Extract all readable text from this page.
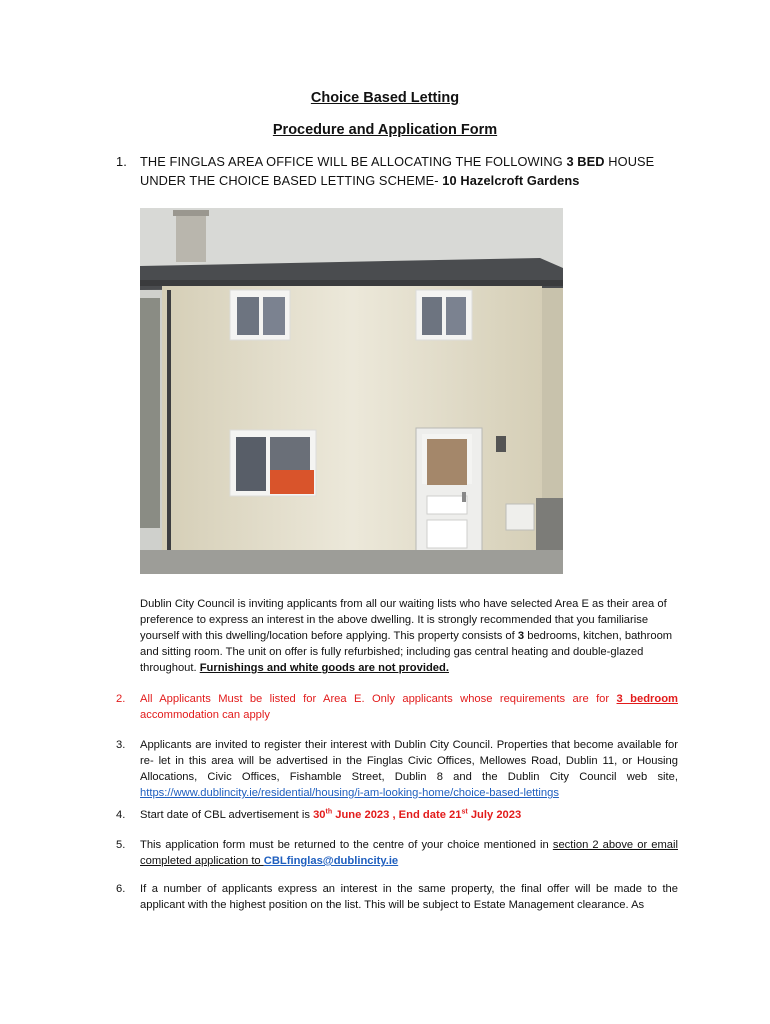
Choice Based Letting
Procedure and Application Form
1. THE FINGLAS AREA OFFICE WILL BE ALLOCATING THE FOLLOWING 3 BED HOUSE
UNDER THE CHOICE BASED LETTING SCHEME- 10 Hazelcroft Gardens
Dublin City Council is inviting applicants from all our waiting lists who have selected Area E as their area of preference to express an interest in the above dwelling. It is strongly recommended that you familiarise yourself with this dwelling/location before applying. This property consists of 3 bedrooms, kitchen, bathroom and sitting room. The unit on offer is fully refurbished; including gas central heating and double-glazed throughout. Furnishings and white goods are not provided.
2. All Applicants Must be listed for Area E. Only applicants whose requirements are for 3 bedroom accommodation can apply
3. Applicants are invited to register their interest with Dublin City Council. Properties that become available for re- let in this area will be advertised in the Finglas Civic Offices, Mellowes Road, Dublin 11, or Housing Allocations, Civic Offices, Fishamble Street, Dublin 8 and the Dublin City Council web site, https://www.dublincity.ie/residential/housing/i-am-looking-home/choice-based-lettings
4. Start date of CBL advertisement is 30th June 2023 , End date 21st July 2023
5. This application form must be returned to the centre of your choice mentioned in section 2 above or email completed application to CBLfinglas@dublincity.ie
6. If a number of applicants express an interest in the same property, the final offer will be made to the applicant with the highest position on the list. This will be subject to Estate Management clearance. As
